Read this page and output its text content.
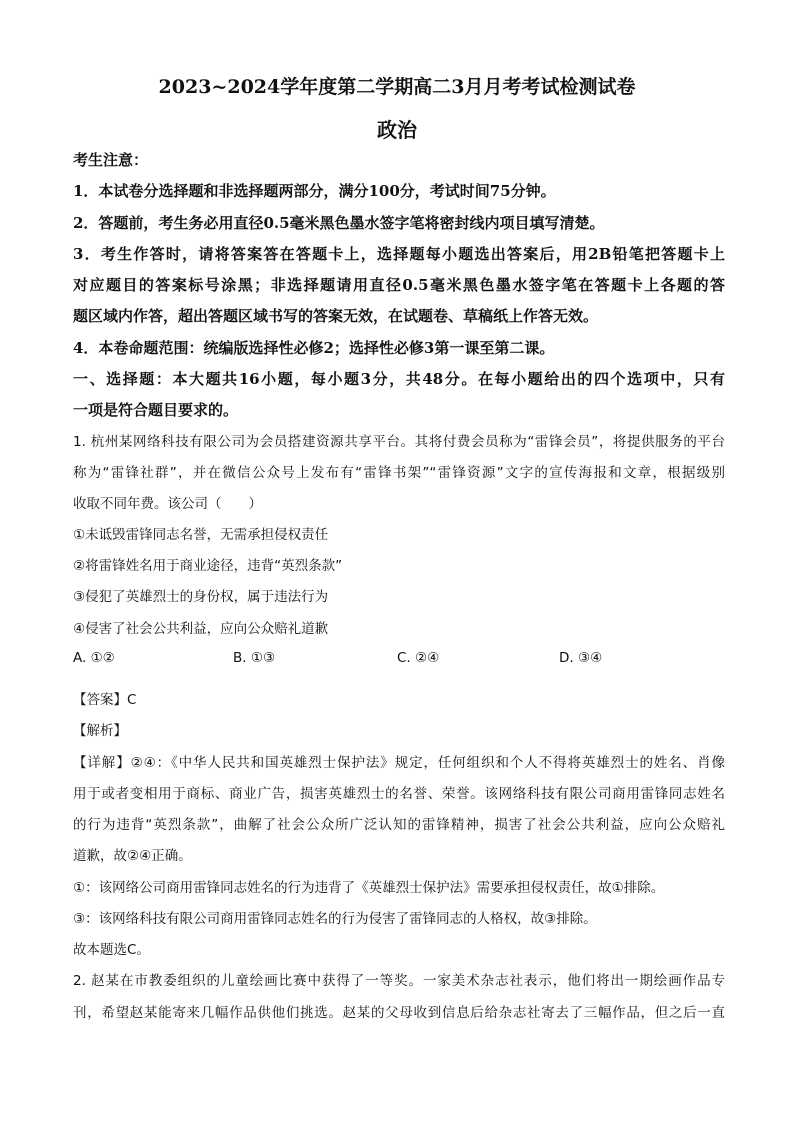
2023~2024学年度第二学期高二3月月考考试检测试卷
政治
考生注意：
1．本试卷分选择题和非选择题两部分，满分100分，考试时间75分钟。
2．答题前，考生务必用直径0.5毫米黑色墨水签字笔将密封线内项目填写清楚。
3．考生作答时，请将答案答在答题卡上，选择题每小题选出答案后，用2B铅笔把答题卡上
对应题目的答案标号涂黑；非选择题请用直径0.5毫米黑色墨水签字笔在答题卡上各题的答
题区域内作答，超出答题区域书写的答案无效，在试题卷、草稿纸上作答无效。
4．本卷命题范围：统编版选择性必修2；选择性必修3第一课至第二课。
一、选择题：本大题共16小题，每小题3分，共48分。在每小题给出的四个选项中，只有
一项是符合题目要求的。
1. 杭州某网络科技有限公司为会员搭建资源共享平台。其将付费会员称为“雷锋会员”，将提供服务的平台
称为“雷锋社群”，并在微信公众号上发布有“雷锋书架”“雷锋资源”文字的宣传海报和文章，根据级别
收取不同年费。该公司（　　）
①未诋毁雷锋同志名誉，无需承担侵权责任
②将雷锋姓名用于商业途径，违背“英烈条款”
③侵犯了英雄烈士的身份权，属于违法行为
④侵害了社会公共利益，应向公众赔礼道歉
A. ①②	B. ①③	C. ②④	D. ③④
【答案】C
【解析】
【详解】②④：《中华人民共和国英雄烈士保护法》规定，任何组织和个人不得将英雄烈士的姓名、肖像
用于或者变相用于商标、商业广告，损害英雄烈士的名誉、荣誉。该网络科技有限公司商用雷锋同志姓名
的行为违背“英烈条款”，曲解了社会公众所广泛认知的雷锋精神，损害了社会公共利益，应向公众赔礼
道歉，故②④正确。
①：该网络公司商用雷锋同志姓名的行为违背了《英雄烈士保护法》需要承担侵权责任，故①排除。
③：该网络科技有限公司商用雷锋同志姓名的行为侵害了雷锋同志的人格权，故③排除。
故本题选C。
2. 赵某在市教委组织的儿童绘画比赛中获得了一等奖。一家美术杂志社表示，他们将出一期绘画作品专
刊，希望赵某能寄来几幅作品供他们挑选。赵某的父母收到信息后给杂志社寄去了三幅作品，但之后一直
